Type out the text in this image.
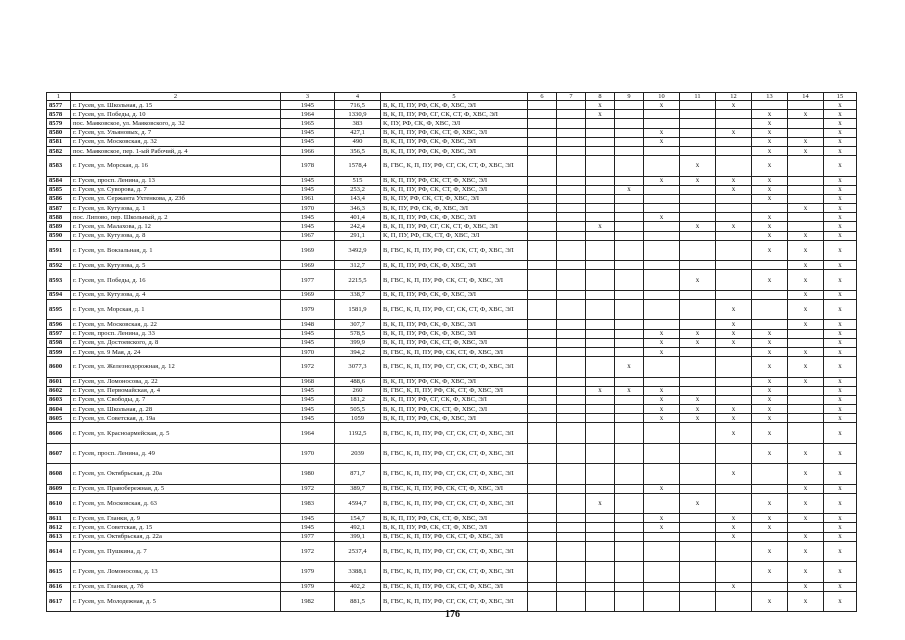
1	2	3	4	5	6	7	8	9	10	11	12	13	14	15
8577	г. Гусев, ул. Школьная, д. 15	1945	716,5	В, К, П, ПУ, РФ, СК, Ф, ХВС, ЭЛ			x		x		x			x
8578	г. Гусев, ул. Победы, д. 10	1964	1330,9	В, К, П, ПУ, РФ, СГ, СК, СТ, Ф, ХВС, ЭЛ			x					x	x	x
8579	пос. Маяковское, ул. Маяковского, д. 32	1965	383	К, ПУ, РФ, СК, Ф, ХВС, ЭЛ								x		x
8580	г. Гусев, ул. Ульяновых, д. 7	1945	427,1	В, К, П, ПУ, РФ, СК, СТ, Ф, ХВС, ЭЛ					x		x	x		x
8581	г. Гусев, ул. Московская, д. 32	1945	490	В, К, П, ПУ, РФ, СК, Ф, ХВС, ЭЛ					x			x	x	x
8582	пос. Маяковское, пер. 1-ый Рабочий, д. 4	1966	356,5	В, К, П, ПУ, РФ, СК, Ф, ХВС, ЭЛ								x	x	x
8583	г. Гусев, ул. Морская, д. 16	1978	1578,4	В, ГВС, К, П, ПУ, РФ, СГ, СК, СТ, Ф, ХВС, ЭЛ						x		x		x
8584	г. Гусев, просп. Ленина, д. 13	1945	515	В, К, П, ПУ, РФ, СК, СТ, Ф, ХВС, ЭЛ					x	x	x	x		x
8585	г. Гусев, ул. Суворова, д. 7	1945	253,2	В, К, П, ПУ, РФ, СК, СТ, Ф, ХВС, ЭЛ				x			x	x		x
8586	г. Гусев, ул. Сержанта Ухтенкова, д. 23б	1961	143,4	В, К, ПУ, РФ, СК, СТ, Ф, ХВС, ЭЛ								x		x
8587	г. Гусев, ул. Кутузова, д. 1	1970	346,3	В, К, ПУ, РФ, СК, Ф, ХВС, ЭЛ									x	x
8588	пос. Липово, пер. Школьный, д. 2	1945	401,4	В, К, П, ПУ, РФ, СК, Ф, ХВС, ЭЛ					x			x		x
8589	г. Гусев, ул. Малахова, д. 12	1945	242,4	В, К, П, ПУ, РФ, СГ, СК, СТ, Ф, ХВС, ЭЛ			x			x	x	x		x
8590	г. Гусев, ул. Кутузова, д. 8	1967	291,1	К, П, ПУ, РФ, СК, СТ, Ф, ХВС, ЭЛ								x	x	x
8591	г. Гусев, ул. Вокзальная, д. 1	1969	3492,9	В, ГВС, К, П, ПУ, РФ, СГ, СК, СТ, Ф, ХВС, ЭЛ								x	x	x
8592	г. Гусев, ул. Кутузова, д. 5	1969	312,7	В, К, П, ПУ, РФ, СК, Ф, ХВС, ЭЛ									x	x
8593	г. Гусев, ул. Победы, д. 16	1977	2215,5	В, ГВС, К, П, ПУ, РФ, СК, СТ, Ф, ХВС, ЭЛ						x		x	x	x
8594	г. Гусев, ул. Кутузова, д. 4	1969	338,7	В, К, П, ПУ, РФ, СК, Ф, ХВС, ЭЛ									x	x
8595	г. Гусев, ул. Морская, д. 1	1979	1581,9	В, ГВС, К, П, ПУ, РФ, СГ, СК, СТ, Ф, ХВС, ЭЛ							x		x	x
8596	г. Гусев, ул. Московская, д. 22	1948	307,7	В, К, П, ПУ, РФ, СК, Ф, ХВС, ЭЛ							x		x	x
8597	г. Гусев, просп. Ленина, д. 33	1945	578,5	В, К, П, ПУ, РФ, СК, Ф, ХВС, ЭЛ					x	x	x	x		x
8598	г. Гусев, ул. Достоевского, д. 8	1945	399,9	В, К, П, ПУ, РФ, СК, СТ, Ф, ХВС, ЭЛ					x	x	x	x		x
8599	г. Гусев, ул. 9 Мая, д. 24	1970	394,2	В, ГВС, К, П, ПУ, РФ, СК, СТ, Ф, ХВС, ЭЛ					x			x	x	x
8600	г. Гусев, ул. Железнодорожная, д. 12	1972	3077,3	В, ГВС, К, П, ПУ, РФ, СГ, СК, СТ, Ф, ХВС, ЭЛ				x				x	x	x
8601	г. Гусев, ул. Ломоносова, д. 22	1968	488,6	В, К, П, ПУ, РФ, СК, Ф, ХВС, ЭЛ								x	x	x
8602	г. Гусев, ул. Первомайская, д. 4	1945	260	В, ГВС, К, П, ПУ, РФ, СК, СТ, Ф, ХВС, ЭЛ			x	x	x			x		x
8603	г. Гусев, ул. Свободы, д. 7	1945	181,2	В, К, П, ПУ, РФ, СГ, СК, Ф, ХВС, ЭЛ					x	x		x		x
8604	г. Гусев, ул. Школьная, д. 28	1945	505,5	В, К, П, ПУ, РФ, СК, СТ, Ф, ХВС, ЭЛ					x	x	x	x		x
8605	г. Гусев, ул. Советская, д. 19а	1945	1059	В, К, П, ПУ, РФ, СК, Ф, ХВС, ЭЛ					x	x	x	x		x
8606	г. Гусев, ул. Красноармейская, д. 5	1964	1192,5	В, ГВС, К, П, ПУ, РФ, СГ, СК, СТ, Ф, ХВС, ЭЛ							x	x		x
8607	г. Гусев, просп. Ленина, д. 49	1970	2039	В, ГВС, К, П, ПУ, РФ, СГ, СК, СТ, Ф, ХВС, ЭЛ								x	x	x
8608	г. Гусев, ул. Октябрьская, д. 20а	1980	871,7	В, ГВС, К, П, ПУ, РФ, СГ, СК, СТ, Ф, ХВС, ЭЛ							x		x	x
8609	г. Гусев, ул. Правобережная, д. 5	1972	389,7	В, ГВС, К, П, ПУ, РФ, СК, СТ, Ф, ХВС, ЭЛ					x				x	x
8610	г. Гусев, ул. Московская, д. 63	1983	4594,7	В, ГВС, К, П, ПУ, РФ, СГ, СК, СТ, Ф, ХВС, ЭЛ			x			x		x	x	x
8611	г. Гусев, ул. Гланки, д. 9	1945	154,7	В, К, П, ПУ, РФ, СК, СТ, Ф, ХВС, ЭЛ					x		x	x	x	x
8612	г. Гусев, ул. Советская, д. 15	1945	492,1	В, К, П, ПУ, РФ, СК, СТ, Ф, ХВС, ЭЛ					x		x	x		x
8613	г. Гусев, ул. Октябрьская, д. 22а	1977	399,1	В, ГВС, К, П, ПУ, РФ, СК, СТ, Ф, ХВС, ЭЛ							x		x	x
8614	г. Гусев, ул. Пушкина, д. 7	1972	2537,4	В, ГВС, К, П, ПУ, РФ, СГ, СК, СТ, Ф, ХВС, ЭЛ								x	x	x
8615	г. Гусев, ул. Ломоносова, д. 13	1979	3388,1	В, ГВС, К, П, ПУ, РФ, СГ, СК, СТ, Ф, ХВС, ЭЛ								x	x	x
8616	г. Гусев, ул. Гланки, д. 7б	1979	402,2	В, ГВС, К, П, ПУ, РФ, СК, СТ, Ф, ХВС, ЭЛ							x		x	x
8617	г. Гусев, ул. Молодежная, д. 5	1982	881,5	В, ГВС, К, П, ПУ, РФ, СГ, СК, СТ, Ф, ХВС, ЭЛ								x	x	x
176
